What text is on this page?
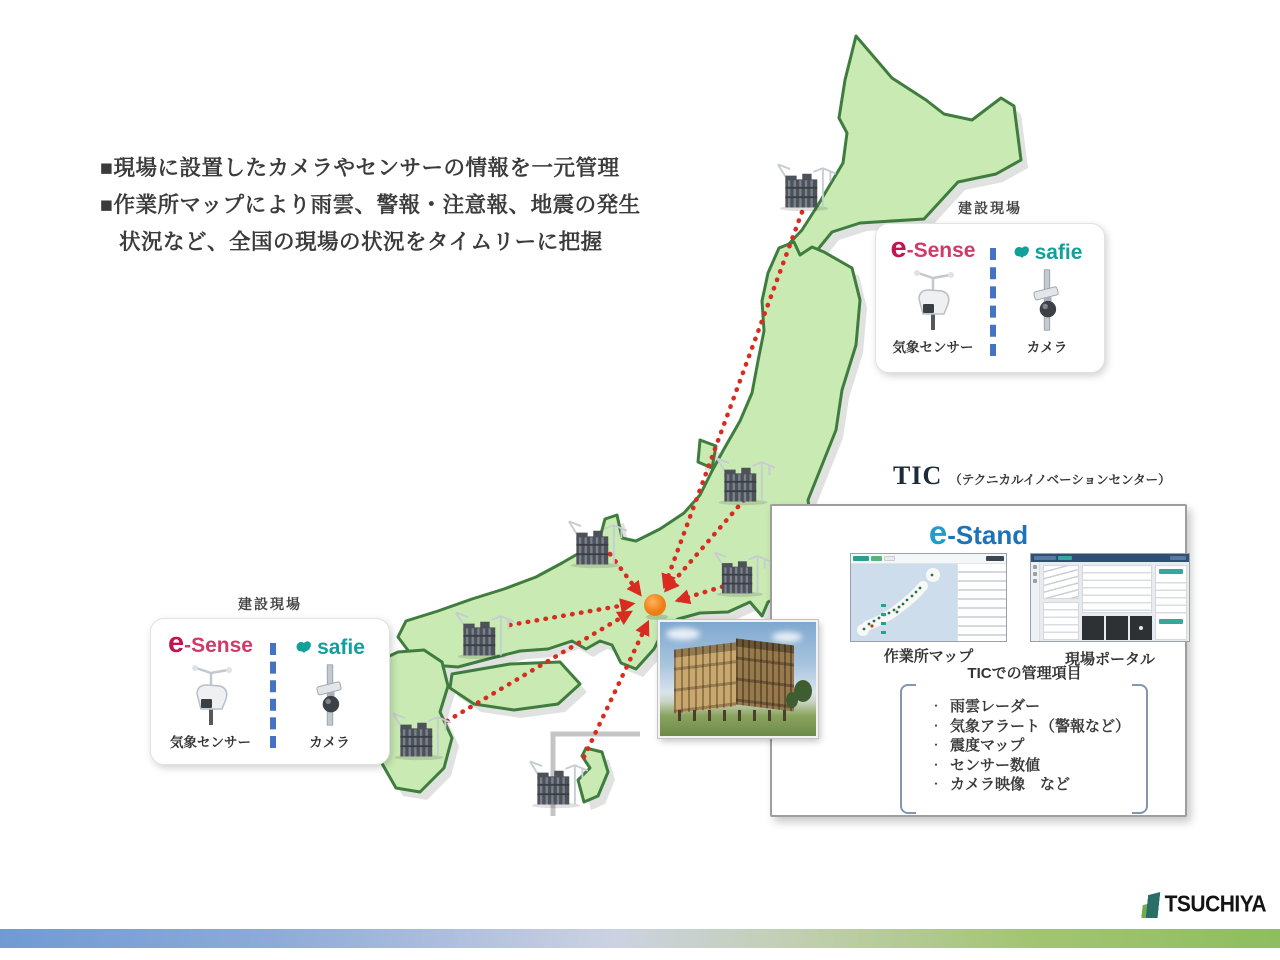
■現場に設置したカメラやセンサーの情報を一元管理
■作業所マップにより雨雲、警報・注意報、地震の発生
状況など、全国の現場の状況をタイムリーに把握
建設現場
e -Sense
気象センサー
safie
カメラ
建設現場
e -Sense
気象センサー
safie
カメラ
TIC （テクニカルイノベーションセンター）
e -Stand
作業所マップ	現場ポータル
TICでの管理項目
・ 雨雲レーダー
・ 気象アラート（警報など）
・ 震度マップ
・ センサー数値
・ カメラ映像　など
TSUCHIYA
